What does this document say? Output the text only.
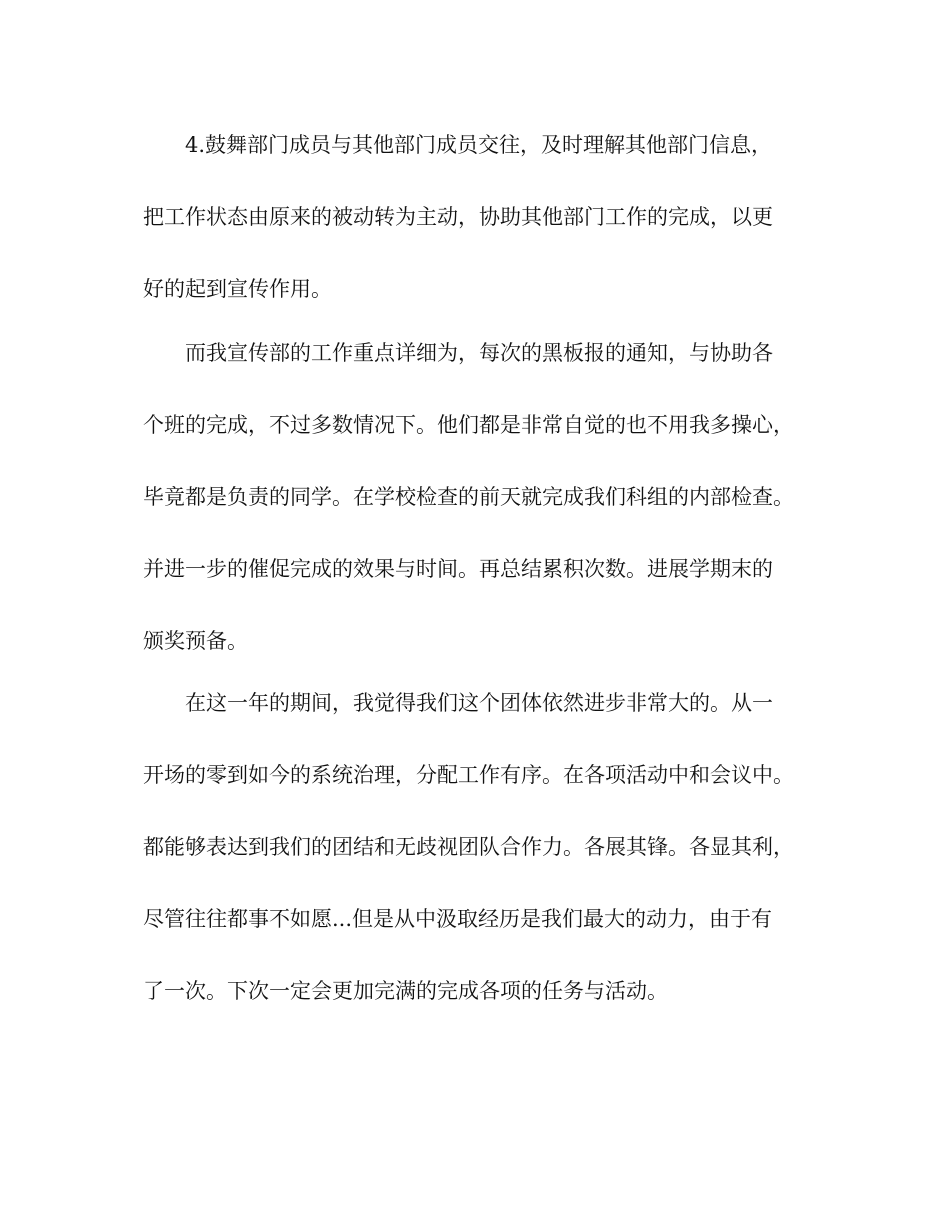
4.鼓舞部门成员与其他部门成员交往，及时理解其他部门信息，
把工作状态由原来的被动转为主动，协助其他部门工作的完成，以更
好的起到宣传作用。
而我宣传部的工作重点详细为，每次的黑板报的通知，与协助各
个班的完成，不过多数情况下。他们都是非常自觉的也不用我多操心，
毕竟都是负责的同学。在学校检查的前天就完成我们科组的内部检查。
并进一步的催促完成的效果与时间。再总结累积次数。进展学期末的
颁奖预备。
在这一年的期间，我觉得我们这个团体依然进步非常大的。从一
开场的零到如今的系统治理，分配工作有序。在各项活动中和会议中。
都能够表达到我们的团结和无歧视团队合作力。各展其锋。各显其利，
尽管往往都事不如愿...但是从中汲取经历是我们最大的动力，由于有
了一次。下次一定会更加完满的完成各项的任务与活动。
